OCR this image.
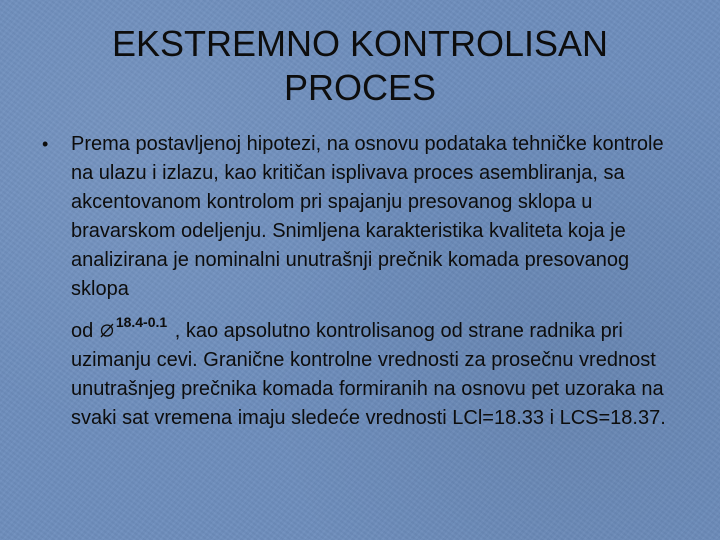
EKSTREMNO KONTROLISAN
PROCES
• Prema postavljenoj hipotezi, na osnovu podataka tehničke kontrole na ulazu i izlazu, kao kritičan isplivava proces asembliranja, sa akcentovanom kontrolom pri spajanju presovanog sklopa u bravarskom odeljenju. Snimljena karakteristika kvaliteta koja je analizirana je nominalni unutrašnji prečnik komada presovanog sklopa
od 18.4-0.1 , kao apsolutno kontrolisanog od strane radnika pri uzimanju cevi. Granične kontrolne vrednosti za prosečnu vrednost unutrašnjeg prečnika komada formiranih na osnovu pet uzoraka na svaki sat vremena imaju sledeće vrednosti LCl=18.33 i LCS=18.37.
